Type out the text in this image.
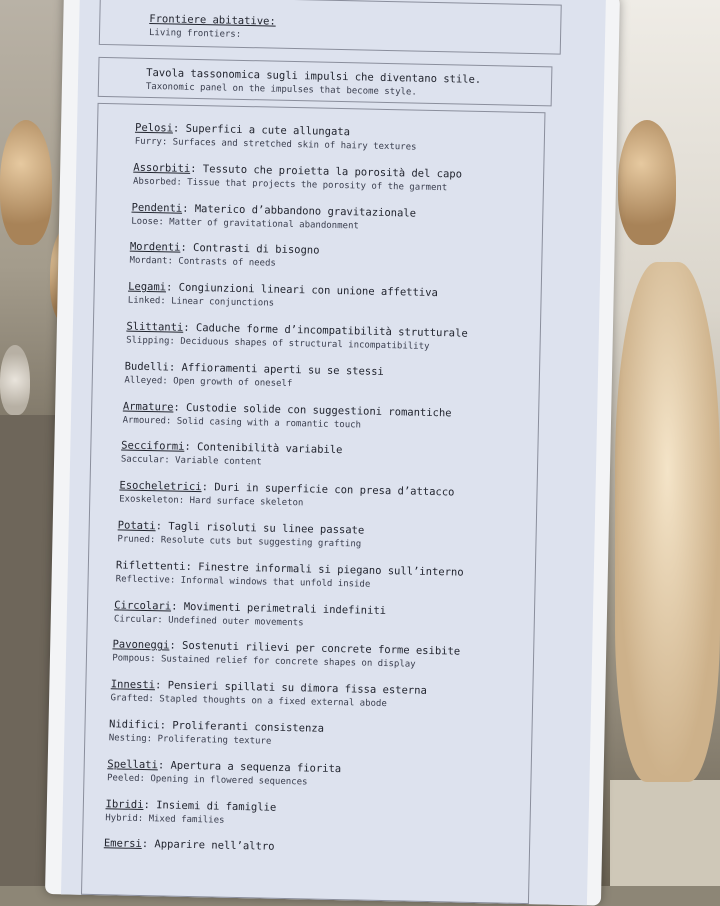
Frontiere abitative:
Living frontiers:
Tavola tassonomica sugli impulsi che diventano stile.
Taxonomic panel on the impulses that become style.
Pelosi: Superfici a cute allungata
Furry: Surfaces and stretched skin of hairy textures
Assorbiti: Tessuto che proietta la porosità del capo
Absorbed: Tissue that projects the porosity of the garment
Pendenti: Materico d’abbandono gravitazionale
Loose: Matter of gravitational abandonment
Mordenti: Contrasti di bisogno
Mordant: Contrasts of needs
Legami: Congiunzioni lineari con unione affettiva
Linked: Linear conjunctions
Slittanti: Caduche forme d’incompatibilità strutturale
Slipping: Deciduous shapes of structural incompatibility
Budelli: Affioramenti aperti su se stessi
Alleyed: Open growth of oneself
Armature: Custodie solide con suggestioni romantiche
Armoured: Solid casing with a romantic touch
Secciformi: Contenibilità variabile
Saccular: Variable content
Esocheletrici: Duri in superficie con presa d’attacco
Exoskeleton: Hard surface skeleton
Potati: Tagli risoluti su linee passate
Pruned: Resolute cuts but suggesting grafting
Riflettenti: Finestre informali si piegano sull’interno
Reflective: Informal windows that unfold inside
Circolari: Movimenti perimetrali indefiniti
Circular: Undefined outer movements
Pavoneggi: Sostenuti rilievi per concrete forme esibite
Pompous: Sustained relief for concrete shapes on display
Innesti: Pensieri spillati su dimora fissa esterna
Grafted: Stapled thoughts on a fixed external abode
Nidifici: Proliferanti consistenza
Nesting: Proliferating texture
Spellati: Apertura a sequenza fiorita
Peeled: Opening in flowered sequences
Ibridi: Insiemi di famiglie
Hybrid: Mixed families
Emersi: Apparire nell’altro
